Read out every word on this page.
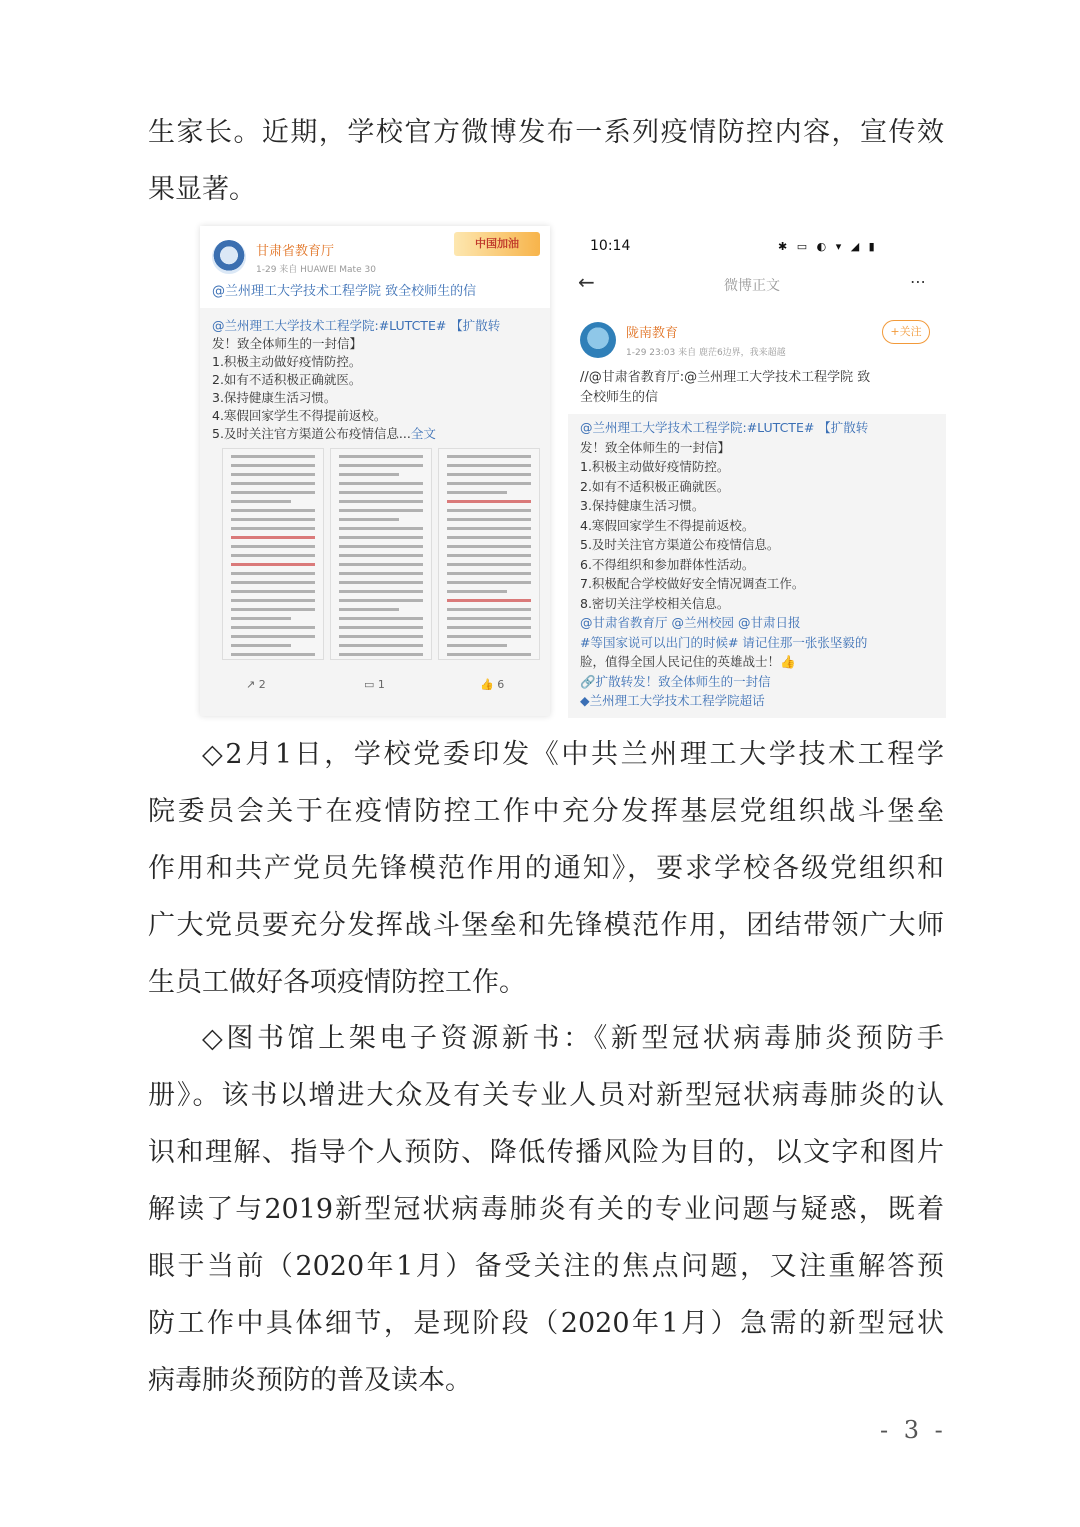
生家长。近期，学校官方微博发布一系列疫情防控内容，宣传效
果显著。
甘肃省教育厅
1-29 来自 HUAWEI Mate 30
中国加油
@兰州理工大学技术工程学院 致全校师生的信
@兰州理工大学技术工程学院:#LUTCTE# 【扩散转
发！致全体师生的一封信】
1.积极主动做好疫情防控。
2.如有不适积极正确就医。
3.保持健康生活习惯。
4.寒假回家学生不得提前返校。
5.及时关注官方渠道公布疫情信息...全文
↗ 2	▭ 1	👍 6
10:14	✱ ▭ ◐ ▾ ◢ ▮
←	微博正文	⋯
陇南教育
1-29 23:03 来自 鹿茫6边界，我来超越
+关注
//@甘肃省教育厅:@兰州理工大学技术工程学院 致
全校师生的信
@兰州理工大学技术工程学院:#LUTCTE# 【扩散转
发！致全体师生的一封信】
1.积极主动做好疫情防控。
2.如有不适积极正确就医。
3.保持健康生活习惯。
4.寒假回家学生不得提前返校。
5.及时关注官方渠道公布疫情信息。
6.不得组织和参加群体性活动。
7.积极配合学校做好安全情况调查工作。
8.密切关注学校相关信息。
@甘肃省教育厅 @兰州校园 @甘肃日报
#等国家说可以出门的时候# 请记住那一张张坚毅的
脸，值得全国人民记住的英雄战士！👍
🔗扩散转发！致全体师生的一封信
◆兰州理工大学技术工程学院超话
◇2月1日，学校党委印发《中共兰州理工大学技术工程学
院委员会关于在疫情防控工作中充分发挥基层党组织战斗堡垒
作用和共产党员先锋模范作用的通知》，要求学校各级党组织和
广大党员要充分发挥战斗堡垒和先锋模范作用，团结带领广大师
生员工做好各项疫情防控工作。
◇图书馆上架电子资源新书：《新型冠状病毒肺炎预防手
册》。该书以增进大众及有关专业人员对新型冠状病毒肺炎的认
识和理解、指导个人预防、降低传播风险为目的，以文字和图片
解读了与2019新型冠状病毒肺炎有关的专业问题与疑惑，既着
眼于当前（2020年1月）备受关注的焦点问题，又注重解答预
防工作中具体细节，是现阶段（2020年1月）急需的新型冠状
病毒肺炎预防的普及读本。
- 3 -
